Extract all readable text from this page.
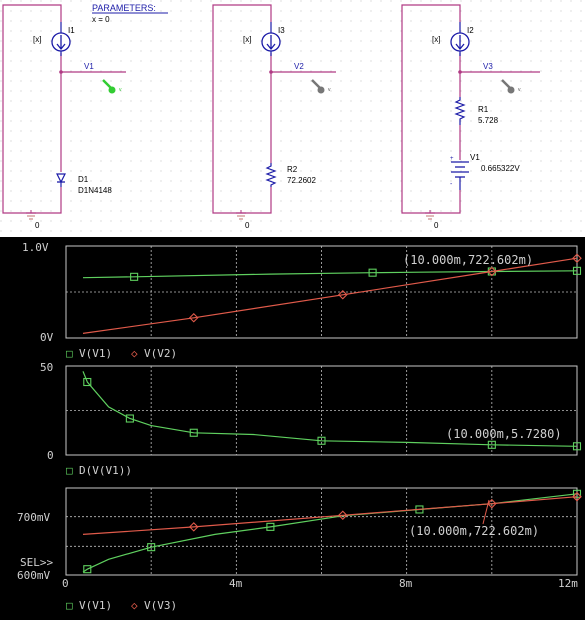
PARAMETERS:
x = 0
[x]
I1
V1
v
D1
D1N4148
0
[x]
I3
V2
v
R2
72.2602
0
[x]
I2
V3
v
R1
5.728
+
-
V1
0.665322V
0
1.0V
0V
(10.000m,722.602m)
□ V(V1) ◇ V(V2)
50
0
(10.000m,5.7280)
□ D(V(V1))
700mV
SEL>>
600mV
(10.000m,722.602m)
0	4m	8m	12m
□ V(V1) ◇ V(V3)
